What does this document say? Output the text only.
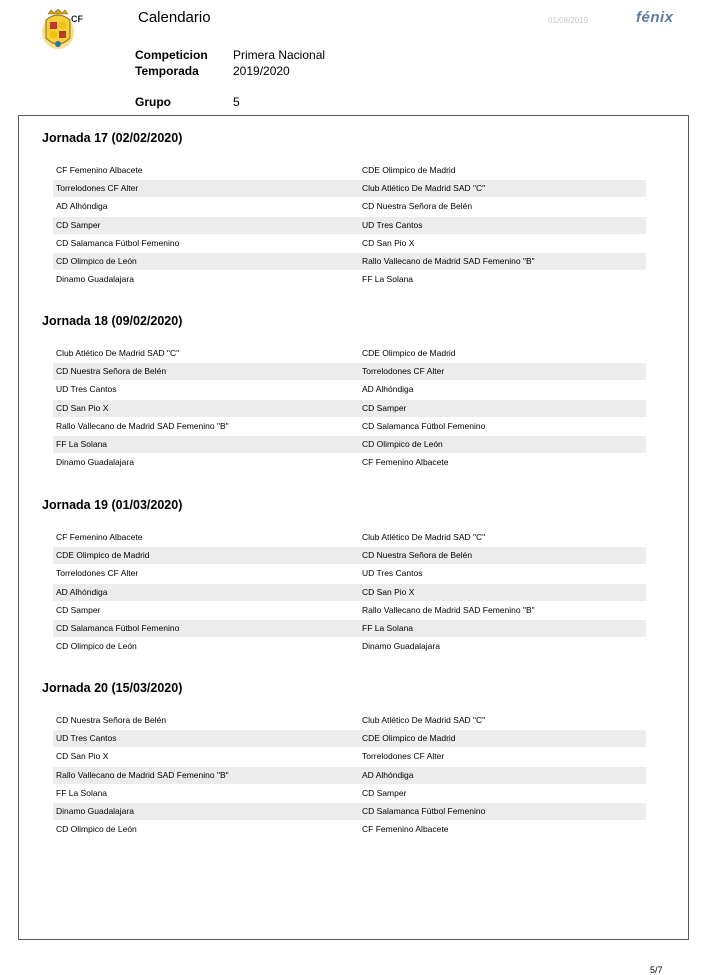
CF	Calendario	01/08/2019	fénix
Competicion Primera Nacional
Temporada	2019/2020
Grupo	5
Jornada 17 (02/02/2020)
CF Femenino Albacete	CDE Olimpico de Madrid
Torrelodones CF Alter	Club Atlético De Madrid SAD "C"
AD Alhóndiga	CD Nuestra Señora de Belén
CD Samper	UD Tres Cantos
CD Salamanca Fútbol Femenino	CD San Pio X
CD Olimpico de León	Rallo Vallecano de Madrid SAD Femenino "B"
Dinamo Guadalajara	FF La Solana
Jornada 18 (09/02/2020)
Club Atlético De Madrid SAD "C"	CDE Olimpico de Madrid
CD Nuestra Señora de Belén	Torrelodones CF Alter
UD Tres Cantos	AD Alhóndiga
CD San Pio X	CD Samper
Rallo Vallecano de Madrid SAD Femenino "B"	CD Salamanca Fútbol Femenino
FF La Solana	CD Olimpico de León
Dinamo Guadalajara	CF Femenino Albacete
Jornada 19 (01/03/2020)
CF Femenino Albacete	Club Atlético De Madrid SAD "C"
CDE Olimpico de Madrid	CD Nuestra Señora de Belén
Torrelodones CF Alter	UD Tres Cantos
AD Alhóndiga	CD San Pio X
CD Samper	Rallo Vallecano de Madrid SAD Femenino "B"
CD Salamanca Fútbol Femenino	FF La Solana
CD Olimpico de León	Dinamo Guadalajara
Jornada 20 (15/03/2020)
CD Nuestra Señora de Belén	Club Atlético De Madrid SAD "C"
UD Tres Cantos	CDE Olimpico de Madrid
CD San Pio X	Torrelodones CF Alter
Rallo Vallecano de Madrid SAD Femenino "B"	AD Alhóndiga
FF La Solana	CD Samper
Dinamo Guadalajara	CD Salamanca Fútbol Femenino
CD Olimpico de León	CF Femenino Albacete
5/7
